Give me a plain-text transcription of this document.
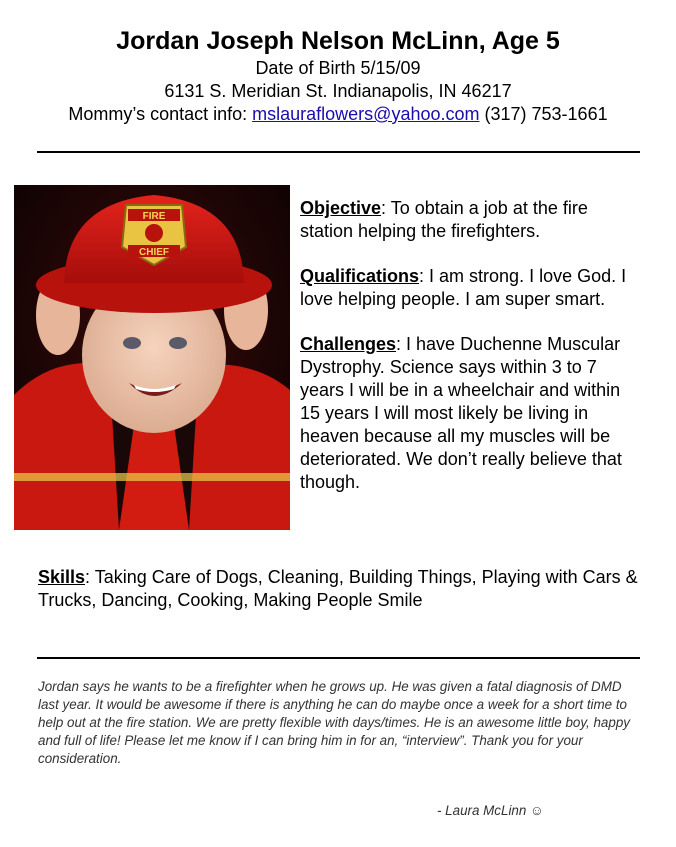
Jordan Joseph Nelson McLinn, Age 5
Date of Birth 5/15/09
6131 S. Meridian St. Indianapolis, IN 46217
Mommy’s contact info: mslauraflowers@yahoo.com (317) 753-1661
FIRE
CHIEF

Objective: To obtain a job at the fire station helping the firefighters.

Qualifications: I am strong. I love God. I love helping people. I am super smart.

Challenges: I have Duchenne Muscular Dystrophy. Science says within 3 to 7 years I will be in a wheelchair and within 15 years I will most likely be living in heaven because all my muscles will be deteriorated. We don’t really believe that though.

Skills: Taking Care of Dogs, Cleaning, Building Things, Playing with Cars & Trucks, Dancing, Cooking, Making People Smile

Jordan says he wants to be a firefighter when he grows up. He was given a fatal diagnosis of DMD last year. It would be awesome if there is anything he can do maybe once a week for a short time to help out at the fire station. We are pretty flexible with days/times. He is an awesome little boy, happy and full of life! Please let me know if I can bring him in for an, “interview”. Thank you for your consideration.
- Laura McLinn ☺
